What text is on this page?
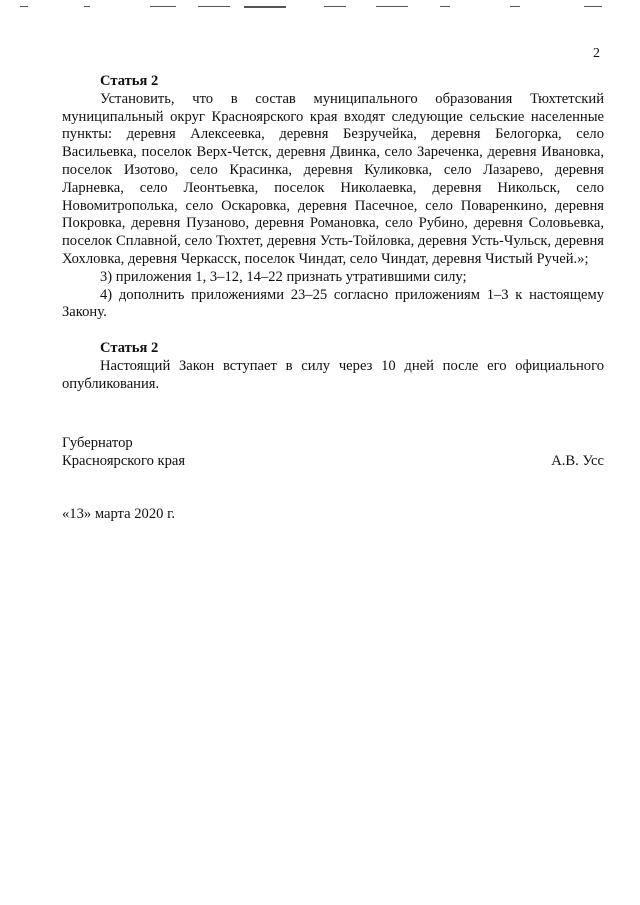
2
Статья 2

Установить, что в состав муниципального образования Тюхтетский муниципальный округ Красноярского края входят следующие сельские населенные пункты: деревня Алексеевка, деревня Безручейка, деревня Белогорка, село Васильевка, поселок Верх-Четск, деревня Двинка, село Зареченка, деревня Ивановка, поселок Изотово, село Красинка, деревня Куликовка, село Лазарево, деревня Ларневка, село Леонтьевка, поселок Николаевка, деревня Никольск, село Новомитрополька, село Оскаровка, деревня Пасечное, село Поваренкино, деревня Покровка, деревня Пузаново, деревня Романовка, село Рубино, деревня Соловьевка, поселок Сплавной, село Тюхтет, деревня Усть-Тойловка, деревня Усть-Чульск, деревня Хохловка, деревня Черкасск, поселок Чиндат, село Чиндат, деревня Чистый Ручей.»;

3) приложения 1, 3–12, 14–22 признать утратившими силу;

4) дополнить приложениями 23–25 согласно приложениям 1–3 к настоящему Закону.

Статья 2

Настоящий Закон вступает в силу через 10 дней после его официального опубликования.

Губернатор
Красноярского края	А.В. Усс
«13» марта 2020 г.
